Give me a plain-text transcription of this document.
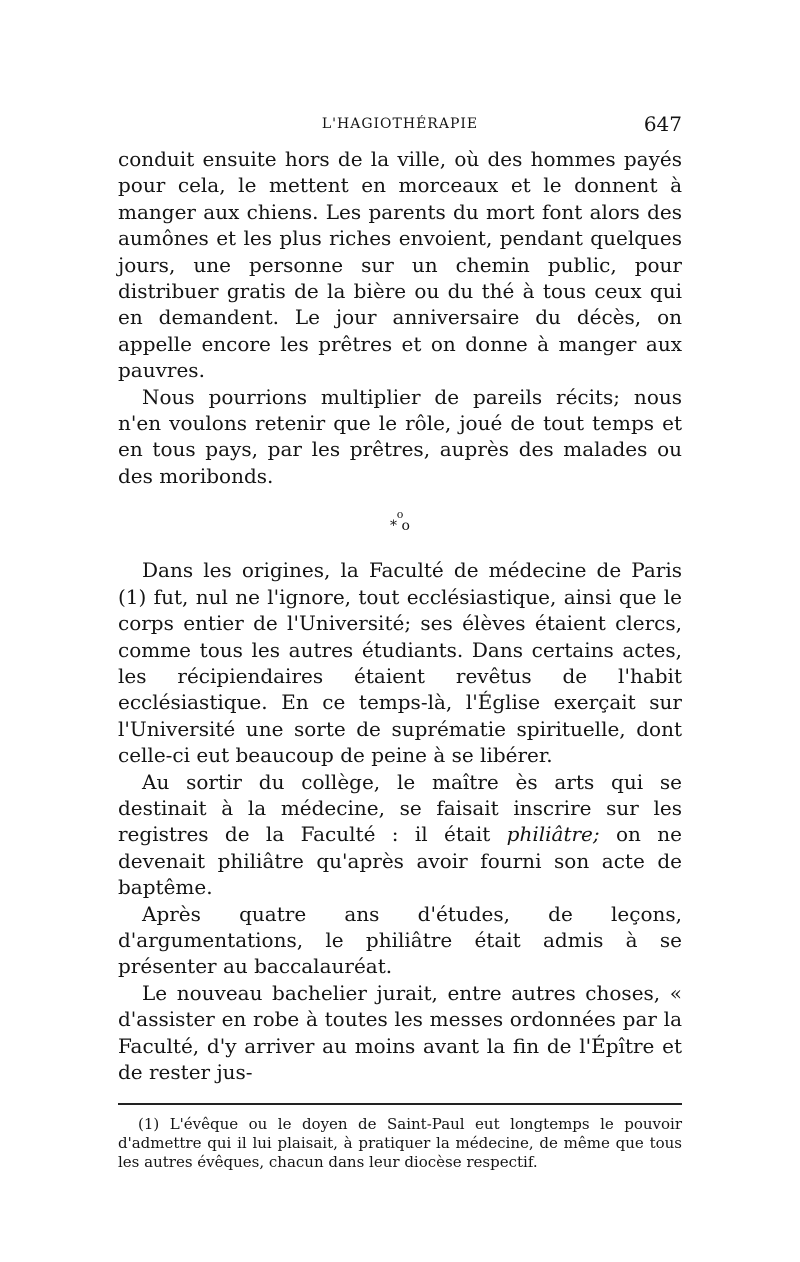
L'HAGIOTHÉRAPIE	647

conduit ensuite hors de la ville, où des hommes payés pour cela, le mettent en morceaux et le donnent à manger aux chiens. Les parents du mort font alors des aumônes et les plus riches envoient, pendant quelques jours, une personne sur un chemin public, pour distribuer gratis de la bière ou du thé à tous ceux qui en demandent. Le jour anniversaire du décès, on appelle encore les prêtres et on donne à manger aux pauvres.

Nous pourrions multiplier de pareils récits; nous n'en voulons retenir que le rôle, joué de tout temps et en tous pays, par les prêtres, auprès des malades ou des moribonds.

o
* o

Dans les origines, la Faculté de médecine de Paris (1) fut, nul ne l'ignore, tout ecclésiastique, ainsi que le corps entier de l'Université; ses élèves étaient clercs, comme tous les autres étudiants. Dans certains actes, les récipiendaires étaient revêtus de l'habit ecclésiastique. En ce temps-là, l'Église exerçait sur l'Université une sorte de suprématie spirituelle, dont celle-ci eut beaucoup de peine à se libérer.

Au sortir du collège, le maître ès arts qui se destinait à la médecine, se faisait inscrire sur les registres de la Faculté : il était philiâtre; on ne devenait philiâtre qu'après avoir fourni son acte de baptême.

Après quatre ans d'études, de leçons, d'argumentations, le philiâtre était admis à se présenter au baccalauréat.

Le nouveau bachelier jurait, entre autres choses, « d'assister en robe à toutes les messes ordonnées par la Faculté, d'y arriver au moins avant la fin de l'Épître et de rester jus-

(1) L'évêque ou le doyen de Saint-Paul eut longtemps le pouvoir d'admettre qui il lui plaisait, à pratiquer la médecine, de même que tous les autres évêques, chacun dans leur diocèse respectif.
